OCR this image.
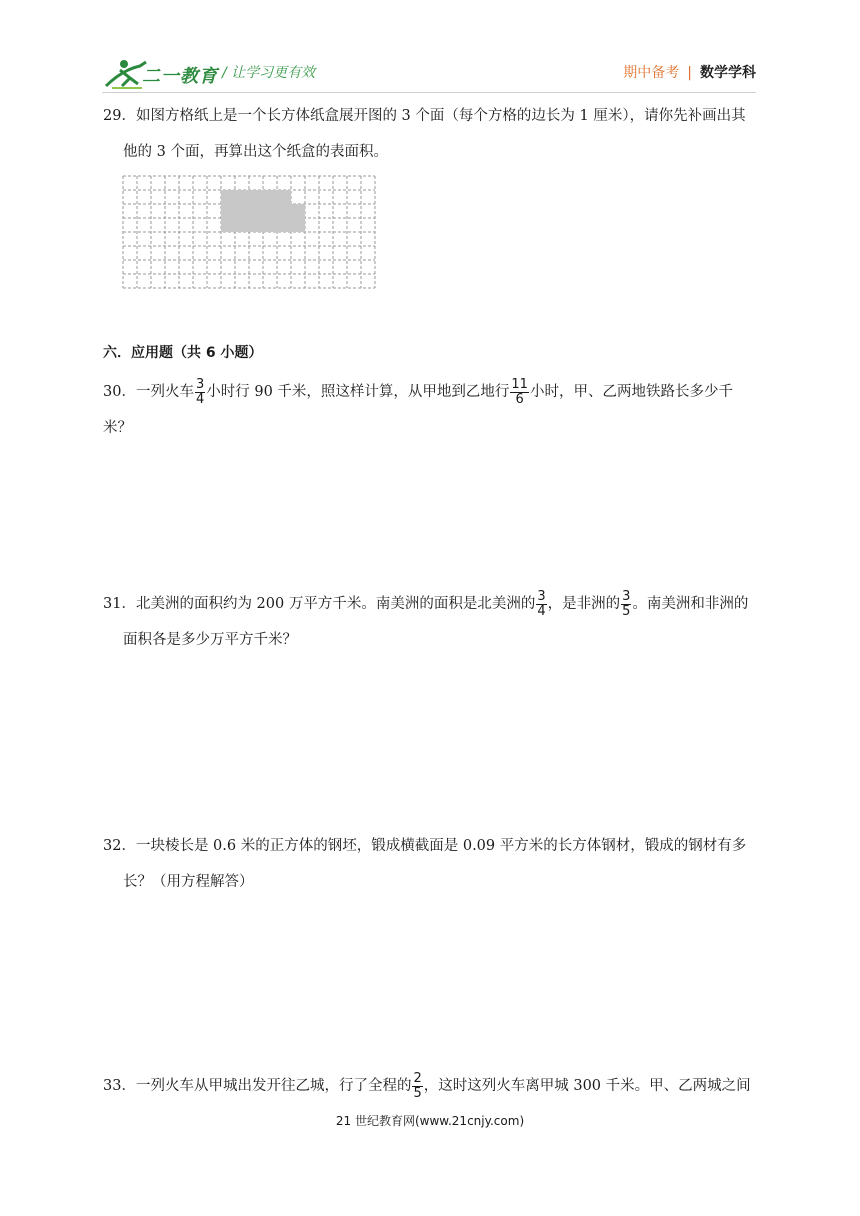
二一教育 / 让学习更有效	期中备考 | 数学学科
29．如图方格纸上是一个长方体纸盒展开图的 3 个面（每个方格的边长为 1 厘米），请你先补画出其
他的 3 个面，再算出这个纸盒的表面积。
六．应用题（共 6 小题）
30．一列火车 $\frac{3}{4}$ 小时行 90 千米，照这样计算，从甲地到乙地行 $\frac{11}{6}$ 小时，甲、乙两地铁路长多少千米？
31．北美洲的面积约为 200 万平方千米。南美洲的面积是北美洲的 $\frac{3}{4}$ ，是非洲的 $\frac{3}{5}$ 。南美洲和非洲的
面积各是多少万平方千米？
32．一块棱长是 0.6 米的正方体的钢坯，锻成横截面是 0.09 平方米的长方体钢材，锻成的钢材有多
长？（用方程解答）
33．一列火车从甲城出发开往乙城，行了全程的 $\frac{2}{5}$ ，这时这列火车离甲城 300 千米。甲、乙两城之间
21 世纪教育网(www.21cnjy.com)
